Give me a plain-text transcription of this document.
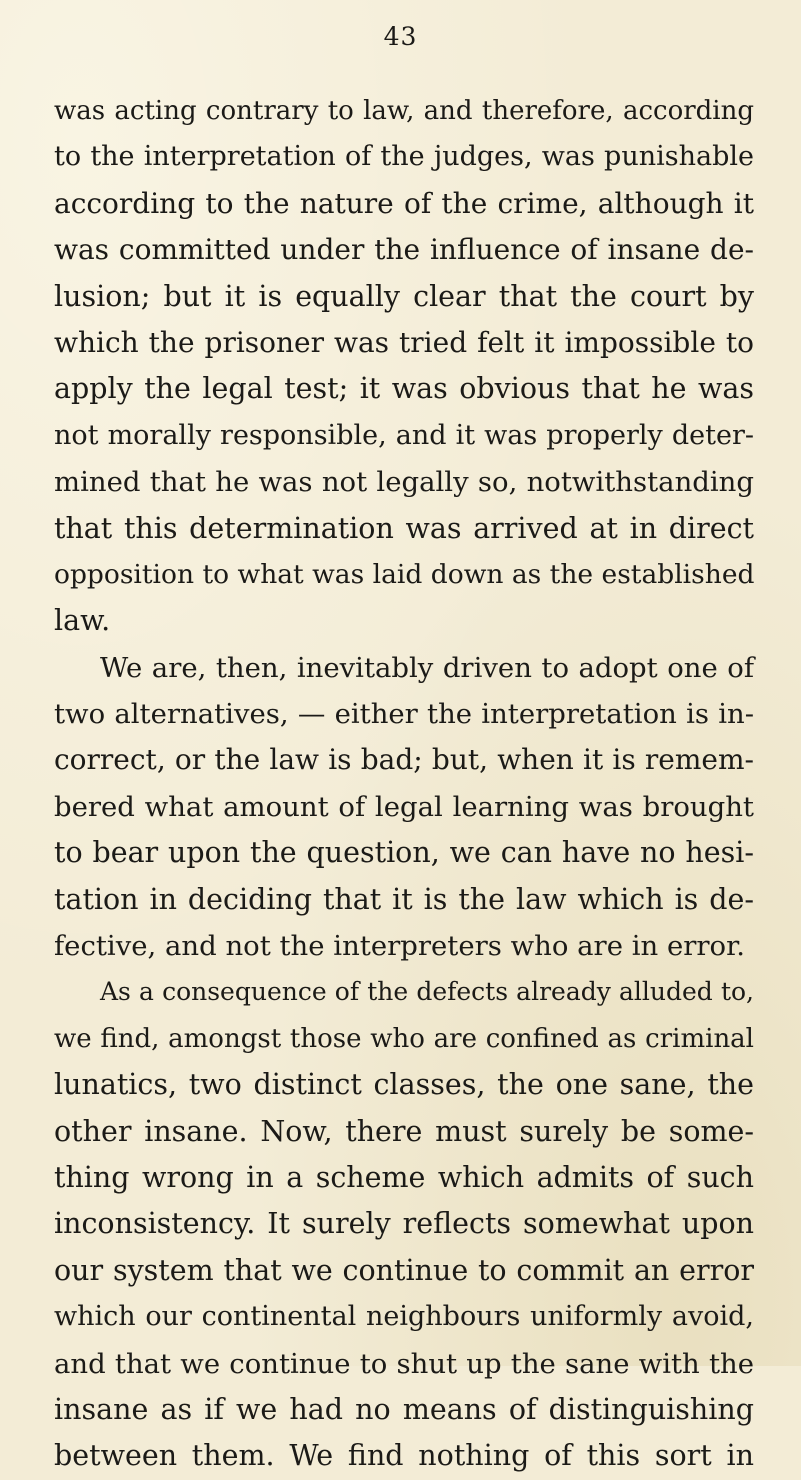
43
was acting contrary to law, and therefore, according
to the interpretation of the judges, was punishable
according to the nature of the crime, although it
was committed under the influence of insane de-
lusion; but it is equally clear that the court by
which the prisoner was tried felt it impossible to
apply the legal test; it was obvious that he was
not morally responsible, and it was properly deter-
mined that he was not legally so, notwithstanding
that this determination was arrived at in direct
opposition to what was laid down as the established
law.
We are, then, inevitably driven to adopt one of
two alternatives, — either the interpretation is in-
correct, or the law is bad; but, when it is remem-
bered what amount of legal learning was brought
to bear upon the question, we can have no hesi-
tation in deciding that it is the law which is de-
fective, and not the interpreters who are in error.
As a consequence of the defects already alluded to,
we find, amongst those who are confined as criminal
lunatics, two distinct classes, the one sane, the
other insane. Now, there must surely be some-
thing wrong in a scheme which admits of such
inconsistency. It surely reflects somewhat upon
our system that we continue to commit an error
which our continental neighbours uniformly avoid,
and that we continue to shut up the sane with the
insane as if we had no means of distinguishing
between them. We find nothing of this sort in
